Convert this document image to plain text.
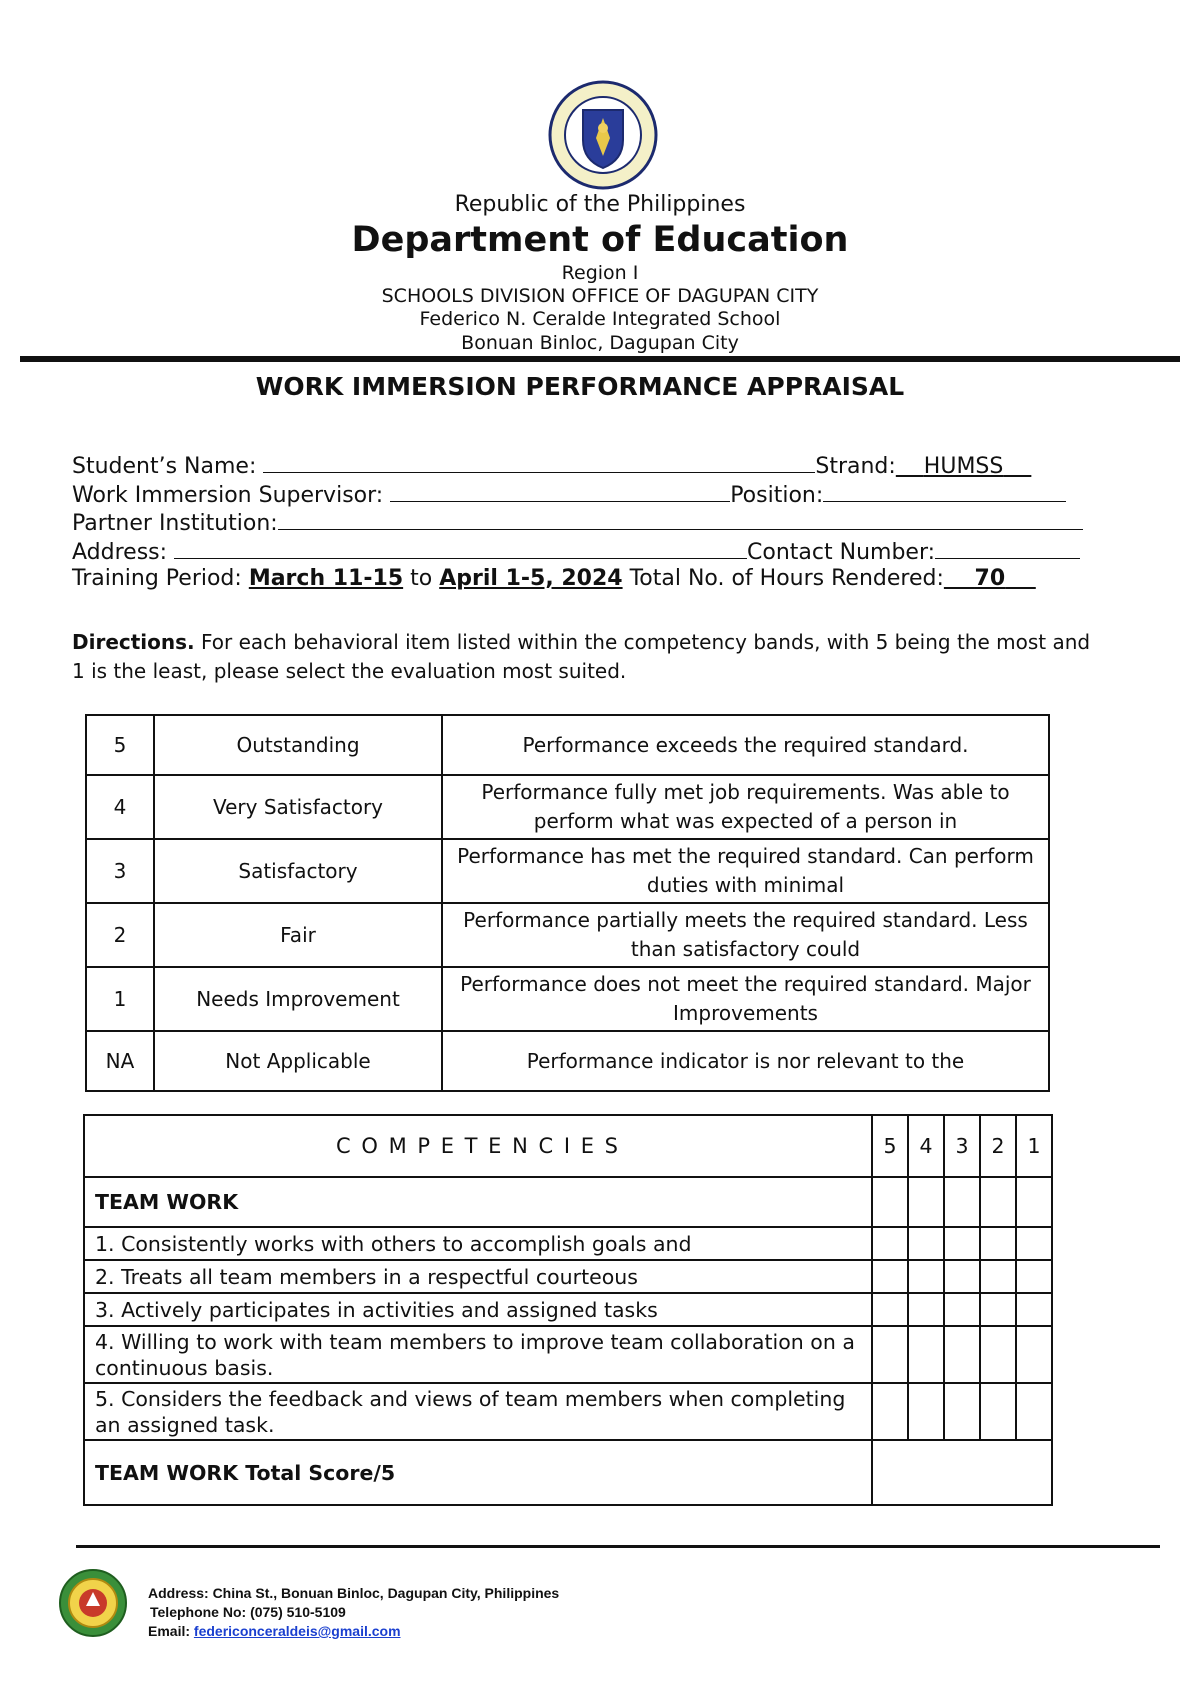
Republic of the Philippines
Department of Education
Region I
SCHOOLS DIVISION OFFICE OF DAGUPAN CITY
Federico N. Ceralde Integrated School
Bonuan Binloc, Dagupan City
WORK IMMERSION PERFORMANCE APPRAISAL
Student’s Name:	Strand: HUMSS
Work Immersion Supervisor:	Position:
Partner Institution:
Address:	Contact Number:
Training Period: March 11-15 to April 1-5, 2024 Total No. of Hours Rendered: 70
Directions. For each behavioral item listed within the competency bands, with 5 being the most and 1 is the least, please select the evaluation most suited.
5	Outstanding	Performance exceeds the required standard.
4	Very Satisfactory	Performance fully met job requirements. Was able to perform what was expected of a person in
3	Satisfactory	Performance has met the required standard. Can perform duties with minimal
2	Fair	Performance partially meets the required standard. Less than satisfactory could
1	Needs Improvement	Performance does not meet the required standard. Major Improvements
NA	Not Applicable	Performance indicator is nor relevant to the
C O M P E T E N C I E S	5	4	3	2	1
TEAM WORK					
1. Consistently works with others to accomplish goals and					
2. Treats all team members in a respectful courteous					
3. Actively participates in activities and assigned tasks					
4. Willing to work with team members to improve team collaboration on a continuous basis.					
5. Considers the feedback and views of team members when completing an assigned task.					
TEAM WORK Total Score/5					
Address: China St., Bonuan Binloc, Dagupan City, Philippines
Telephone No: (075) 510-5109
Email: federiconceraldeis@gmail.com
